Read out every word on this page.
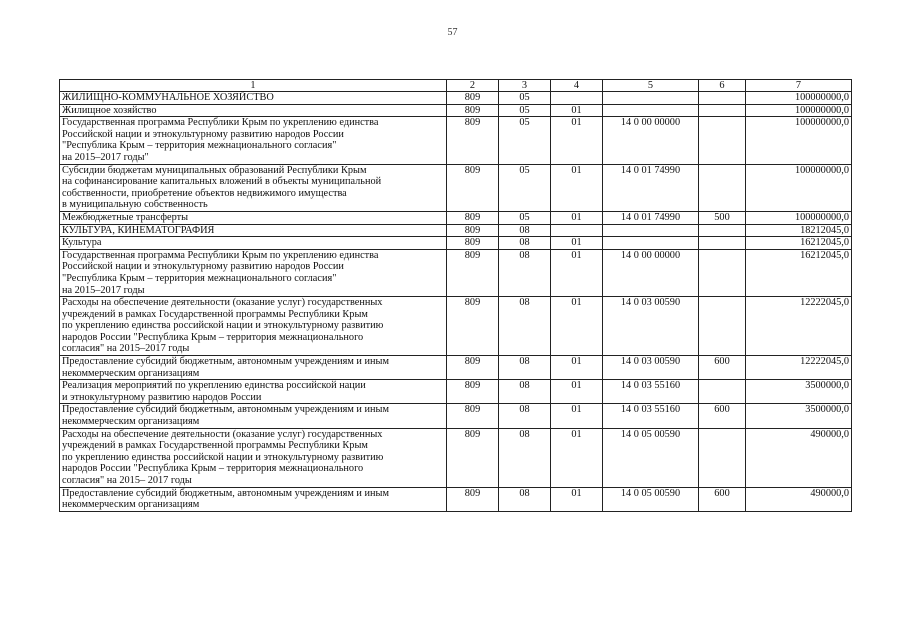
57
1	2	3	4	5	6	7
ЖИЛИЩНО-КОММУНАЛЬНОЕ ХОЗЯЙСТВО	809	05				100000000,0
Жилищное хозяйство	809	05	01			100000000,0
Государственная программа Республики Крым по укреплению единства
Российской нации и этнокультурному развитию народов России
"Республика Крым – территория межнационального согласия"
на 2015–2017 годы"	809	05	01	14 0 00 00000		100000000,0
Субсидии бюджетам муниципальных образований Республики Крым
на софинансирование капитальных вложений в объекты муниципальной
собственности, приобретение объектов недвижимого имущества
в муниципальную собственность	809	05	01	14 0 01 74990		100000000,0
Межбюджетные трансферты	809	05	01	14 0 01 74990	500	100000000,0
КУЛЬТУРА, КИНЕМАТОГРАФИЯ	809	08				18212045,0
Культура	809	08	01			16212045,0
Государственная программа Республики Крым по укреплению единства
Российской нации и этнокультурному развитию народов России
"Республика Крым – территория межнационального согласия"
на 2015–2017 годы	809	08	01	14 0 00 00000		16212045,0
Расходы на обеспечение деятельности (оказание услуг) государственных
учреждений в рамках Государственной программы Республики Крым
по укреплению единства российской нации и этнокультурному развитию
народов России "Республика Крым – территория межнационального
согласия" на 2015–2017 годы	809	08	01	14 0 03 00590		12222045,0
Предоставление субсидий бюджетным, автономным учреждениям и иным
некоммерческим организациям	809	08	01	14 0 03 00590	600	12222045,0
Реализация мероприятий по укреплению единства российской нации
и этнокультурному развитию народов России	809	08	01	14 0 03 55160		3500000,0
Предоставление субсидий бюджетным, автономным учреждениям и иным
некоммерческим организациям	809	08	01	14 0 03 55160	600	3500000,0
Расходы на обеспечение деятельности (оказание услуг) государственных
учреждений в рамках Государственной программы Республики Крым
по укреплению единства российской нации и этнокультурному развитию
народов России "Республика Крым – территория межнационального
согласия" на 2015– 2017 годы	809	08	01	14 0 05 00590		490000,0
Предоставление субсидий бюджетным, автономным учреждениям и иным
некоммерческим организациям	809	08	01	14 0 05 00590	600	490000,0
